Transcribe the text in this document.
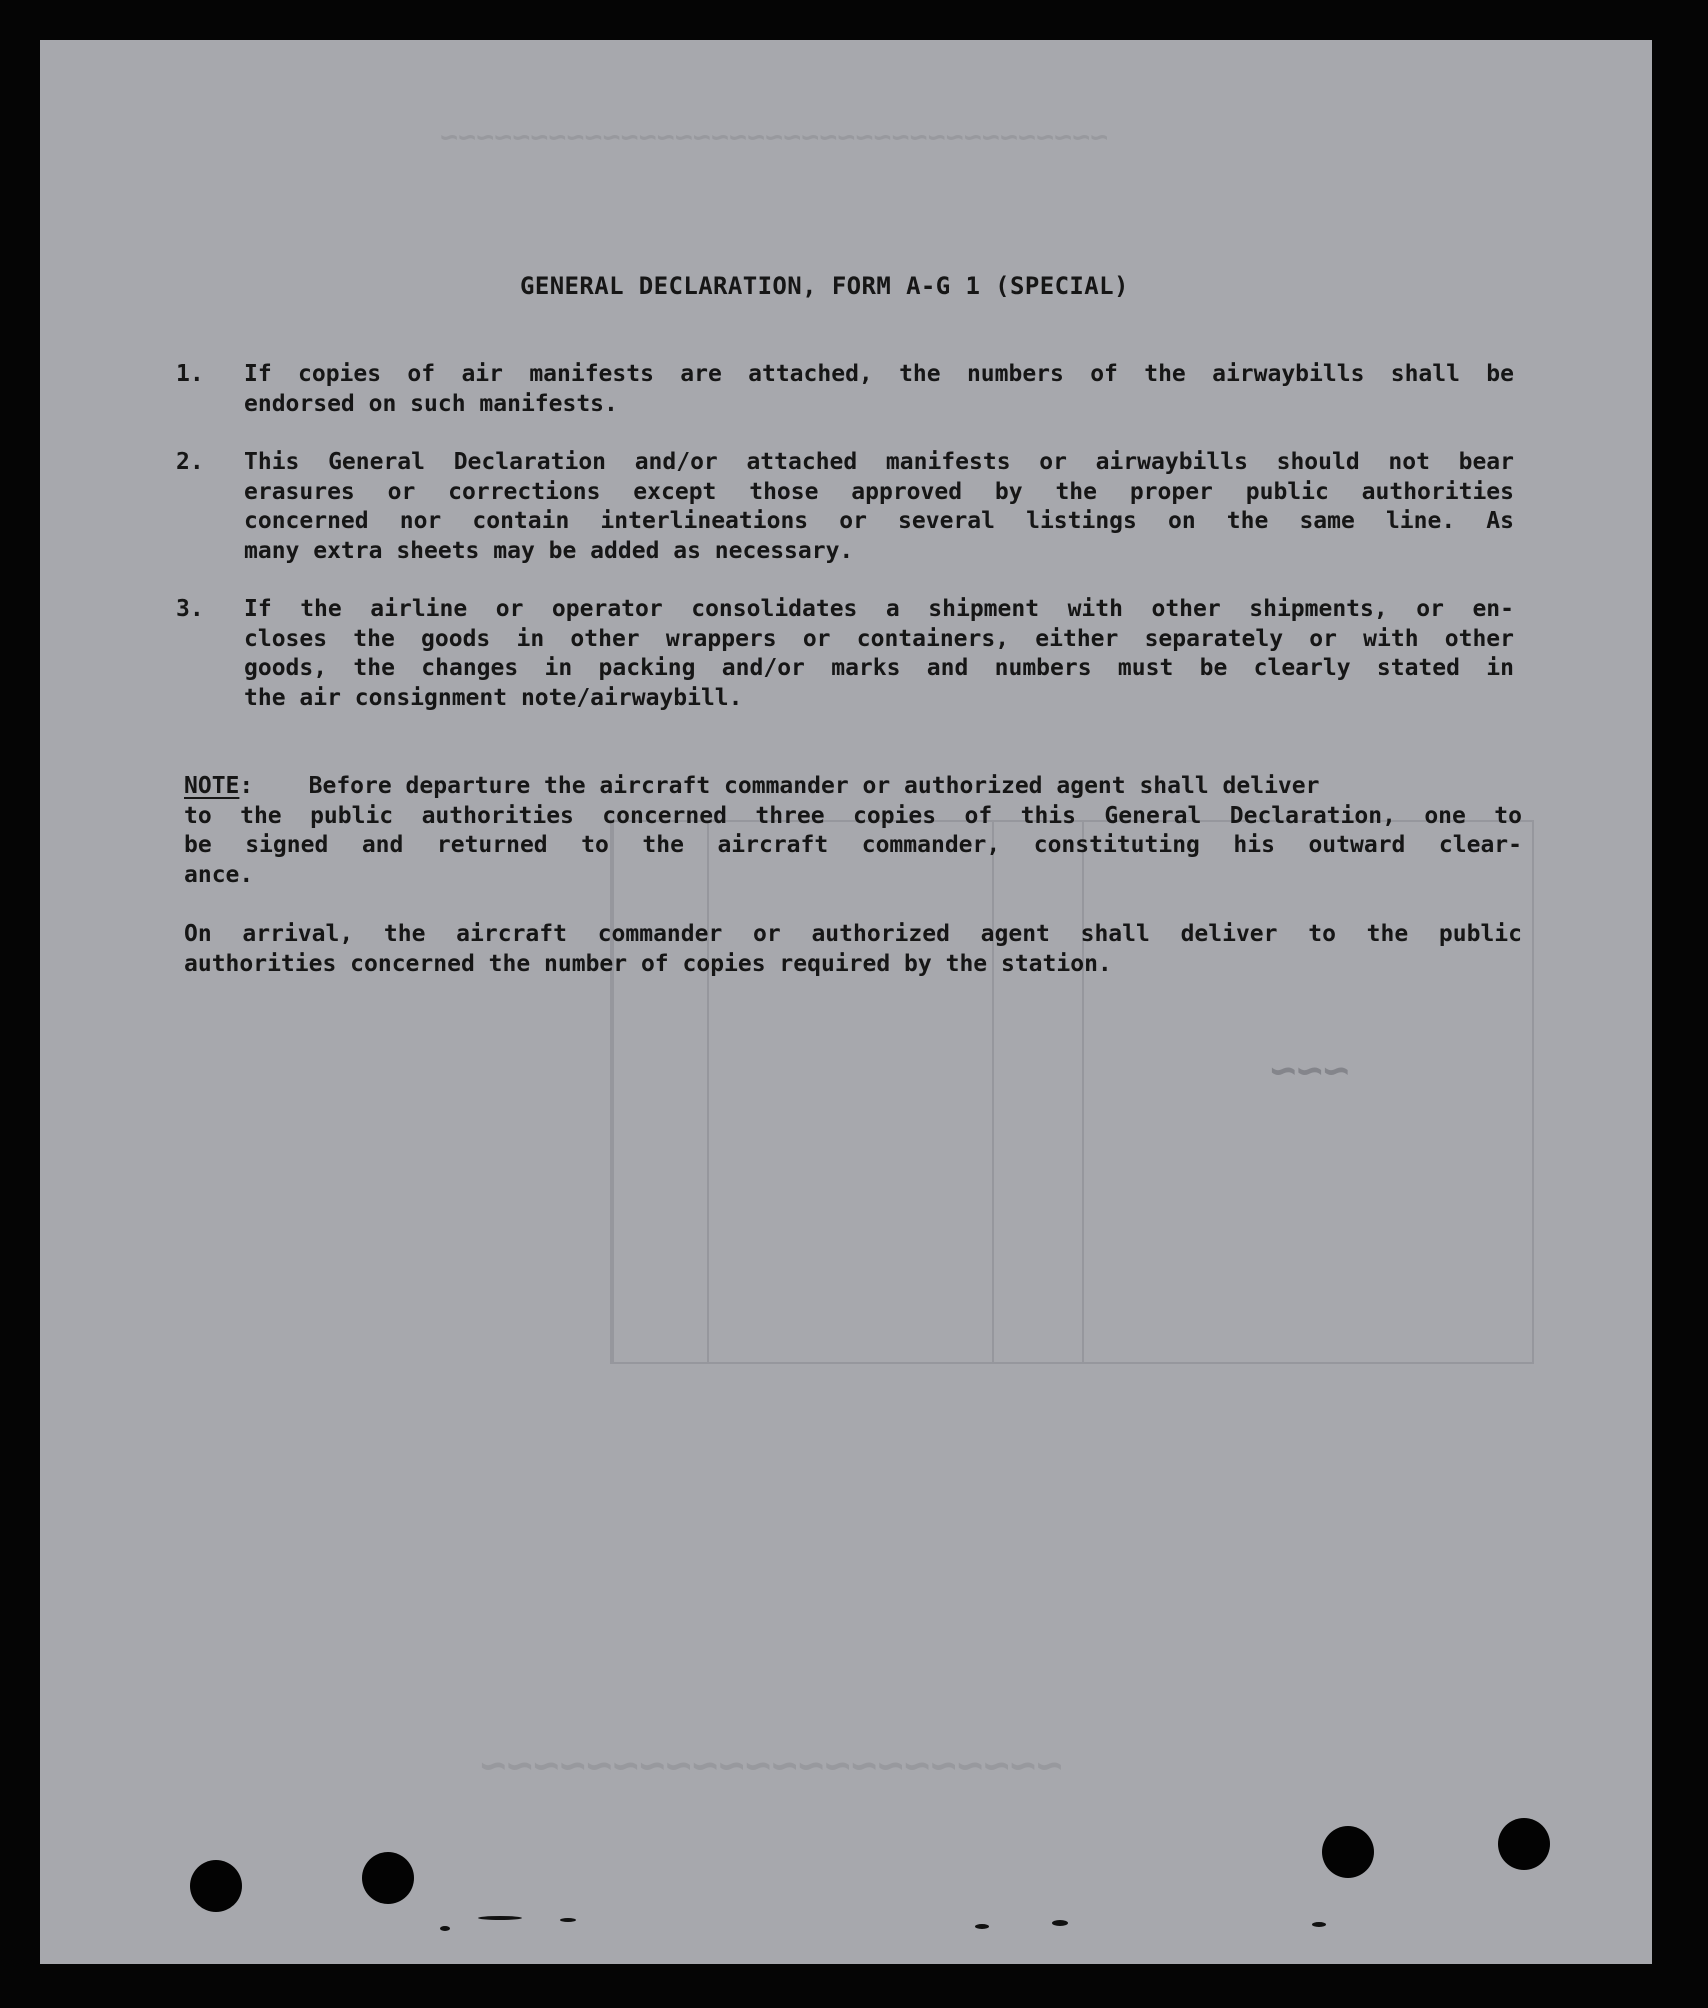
~~~~~~~~~~~~~~~~~~~~~~~~~~~~~~~~~~~~~
~~~
~~~~~~~~~~~~~~~~~~~~~~
GENERAL DECLARATION, FORM A-G 1 (SPECIAL)
1.	If copies of air manifests are attached, the numbers of the airwaybills shall be
endorsed on such manifests.
2.	This General Declaration and/or attached manifests or airwaybills should not bear
erasures or corrections except those approved by the proper public authorities
concerned nor contain interlineations or several listings on the same line. As
many extra sheets may be added as necessary.
3.	If the airline or operator consolidates a shipment with other shipments, or en-
closes the goods in other wrappers or containers, either separately or with other
goods, the changes in packing and/or marks and numbers must be clearly stated in
the air consignment note/airwaybill.
NOTE:    Before departure the aircraft commander or authorized agent shall deliver
to the public authorities concerned three copies of this General Declaration, one to
be signed and returned to the aircraft commander, constituting his outward clear-
ance.
On arrival, the aircraft commander or authorized agent shall deliver to the public
authorities concerned the number of copies required by the station.
